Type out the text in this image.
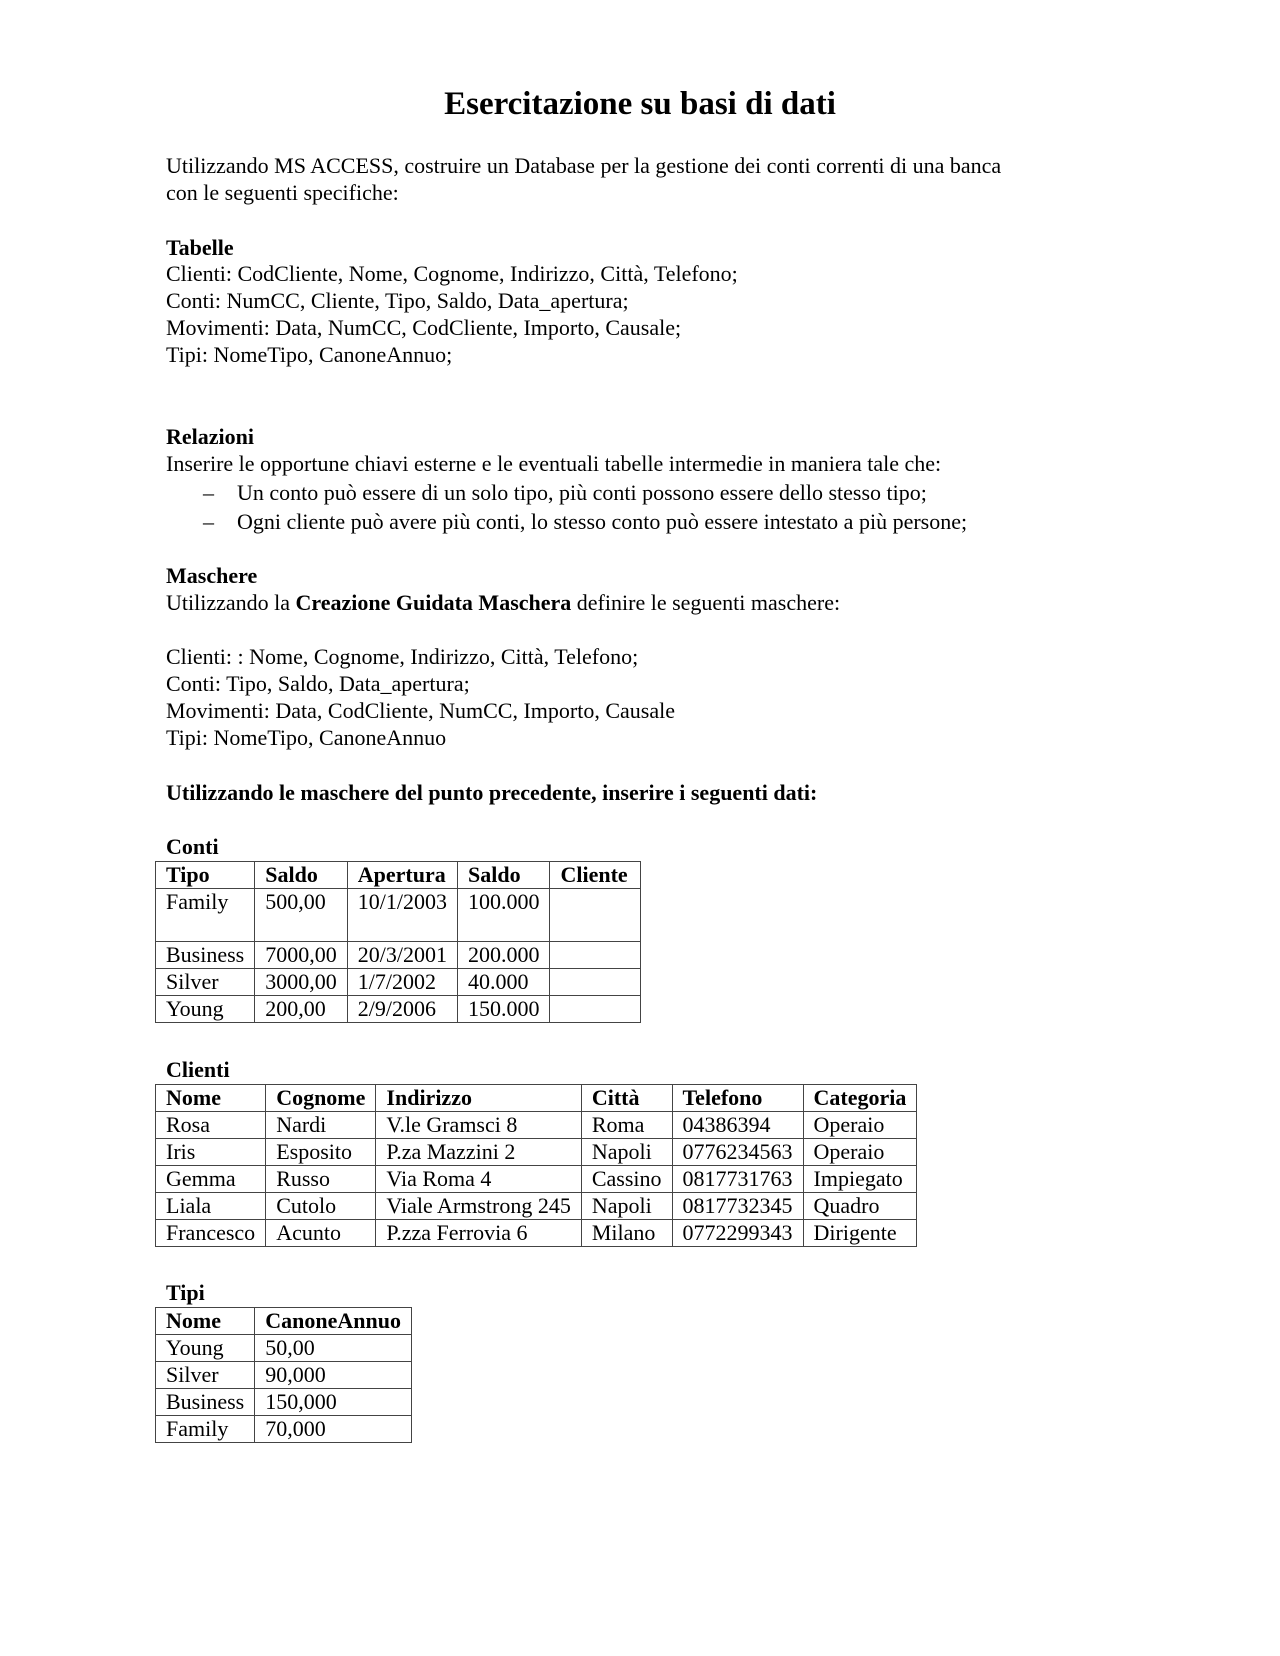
Esercitazione su basi di dati
Utilizzando MS ACCESS, costruire un Database per la gestione dei conti correnti di una banca
con le seguenti specifiche:
Tabelle
Clienti: CodCliente, Nome, Cognome, Indirizzo, Città, Telefono;
Conti: NumCC, Cliente, Tipo, Saldo, Data_apertura;
Movimenti: Data, NumCC, CodCliente, Importo, Causale;
Tipi: NomeTipo, CanoneAnnuo;
Relazioni
Inserire le opportune chiavi esterne e le eventuali tabelle intermedie in maniera tale che:
– Un conto può essere di un solo tipo, più conti possono essere dello stesso tipo;
– Ogni cliente può avere più conti, lo stesso conto può essere intestato a più persone;
Maschere
Utilizzando la Creazione Guidata Maschera definire le seguenti maschere:
Clienti: : Nome, Cognome, Indirizzo, Città, Telefono;
Conti: Tipo, Saldo, Data_apertura;
Movimenti: Data, CodCliente, NumCC, Importo, Causale
Tipi: NomeTipo, CanoneAnnuo
Utilizzando le maschere del punto precedente, inserire i seguenti dati:
Conti
Tipo	Saldo	Apertura	Saldo	Cliente
Family	500,00	10/1/2003	100.000	
Business	7000,00	20/3/2001	200.000	
Silver	3000,00	1/7/2002	40.000	
Young	200,00	2/9/2006	150.000	
Clienti
Nome	Cognome	Indirizzo	Città	Telefono	Categoria
Rosa	Nardi	V.le Gramsci 8	Roma	04386394	Operaio
Iris	Esposito	P.za Mazzini 2	Napoli	0776234563	Operaio
Gemma	Russo	Via Roma 4	Cassino	0817731763	Impiegato
Liala	Cutolo	Viale Armstrong 245	Napoli	0817732345	Quadro
Francesco	Acunto	P.zza Ferrovia 6	Milano	0772299343	Dirigente
Tipi
Nome	CanoneAnnuo
Young	50,00
Silver	90,000
Business	150,000
Family	70,000
